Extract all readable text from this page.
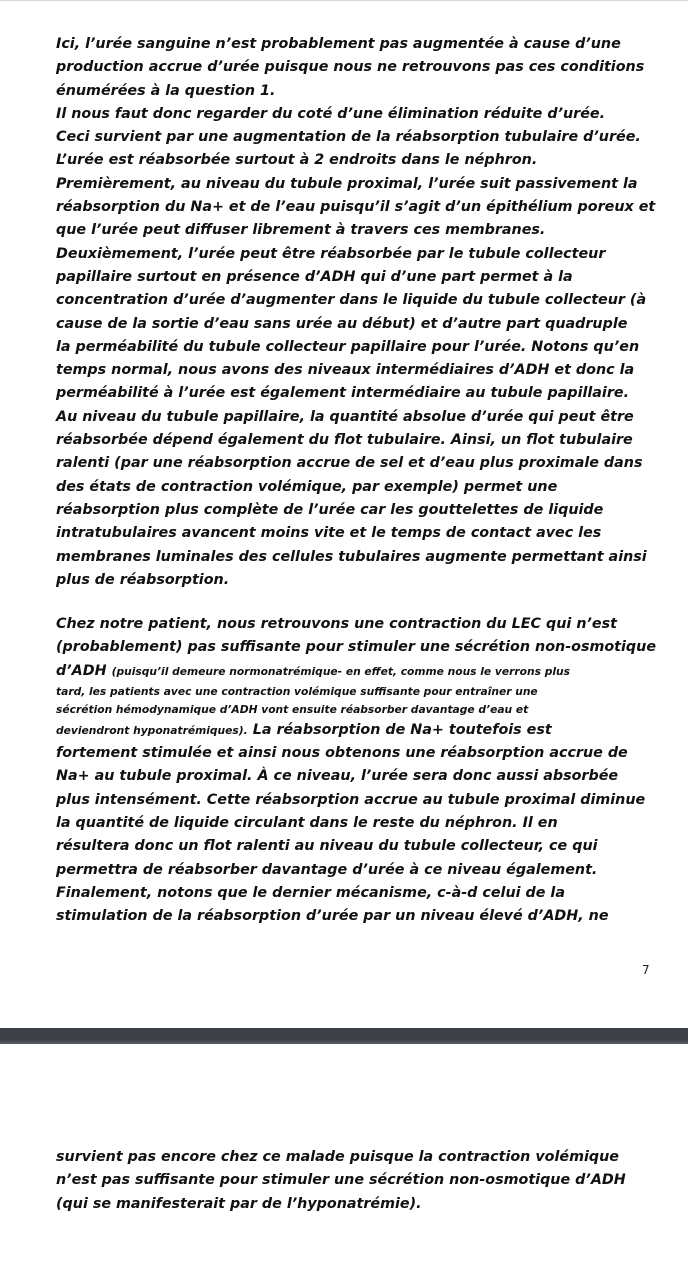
Ici, l’urée sanguine n’est probablement pas augmentée à cause d’une
production accrue d’urée puisque nous ne retrouvons pas ces conditions
énumérées à la question 1.
Il nous faut donc regarder du coté d’une élimination réduite d’urée.
Ceci survient par une augmentation de la réabsorption tubulaire d’urée.
L’urée est réabsorbée surtout à 2 endroits dans le néphron.
Premièrement, au niveau du tubule proximal, l’urée suit passivement la
réabsorption du Na+ et de l’eau puisqu’il s’agit d’un épithélium poreux et
que l’urée peut diffuser librement à travers ces membranes.
Deuxièmement, l’urée peut être réabsorbée par le tubule collecteur
papillaire surtout en présence d’ADH qui d’une part permet à la
concentration d’urée d’augmenter dans le liquide du tubule collecteur (à
cause de la sortie d’eau sans urée au début) et d’autre part quadruple
la perméabilité du tubule collecteur papillaire pour l’urée. Notons qu’en
temps normal, nous avons des niveaux intermédiaires d’ADH et donc la
perméabilité à l’urée est également intermédiaire au tubule papillaire.
Au niveau du tubule papillaire, la quantité absolue d’urée qui peut être
réabsorbée dépend également du flot tubulaire. Ainsi, un flot tubulaire
ralenti (par une réabsorption accrue de sel et d’eau plus proximale dans
des états de contraction volémique, par exemple) permet une
réabsorption plus complète de l’urée car les gouttelettes de liquide
intratubulaires avancent moins vite et le temps de contact avec les
membranes luminales des cellules tubulaires augmente permettant ainsi
plus de réabsorption.
Chez notre patient, nous retrouvons une contraction du LEC qui n’est
(probablement) pas suffisante pour stimuler une sécrétion non-osmotique
d’ADH (puisqu’il demeure normonatrémique- en effet, comme nous le verrons plus
tard, les patients avec une contraction volémique suffisante pour entraîner une
sécrétion hémodynamique d’ADH vont ensuite réabsorber davantage d’eau et
deviendront hyponatrémiques). La réabsorption de Na+ toutefois est
fortement stimulée et ainsi nous obtenons une réabsorption accrue de
Na+ au tubule proximal. À ce niveau, l’urée sera donc aussi absorbée
plus intensément. Cette réabsorption accrue au tubule proximal diminue
la quantité de liquide circulant dans le reste du néphron. Il en
résultera donc un flot ralenti au niveau du tubule collecteur, ce qui
permettra de réabsorber davantage d’urée à ce niveau également.
Finalement, notons que le dernier mécanisme, c-à-d celui de la
stimulation de la réabsorption d’urée par un niveau élevé d’ADH, ne
7
survient pas encore chez ce malade puisque la contraction volémique
n’est pas suffisante pour stimuler une sécrétion non-osmotique d’ADH
(qui se manifesterait par de l’hyponatrémie).
